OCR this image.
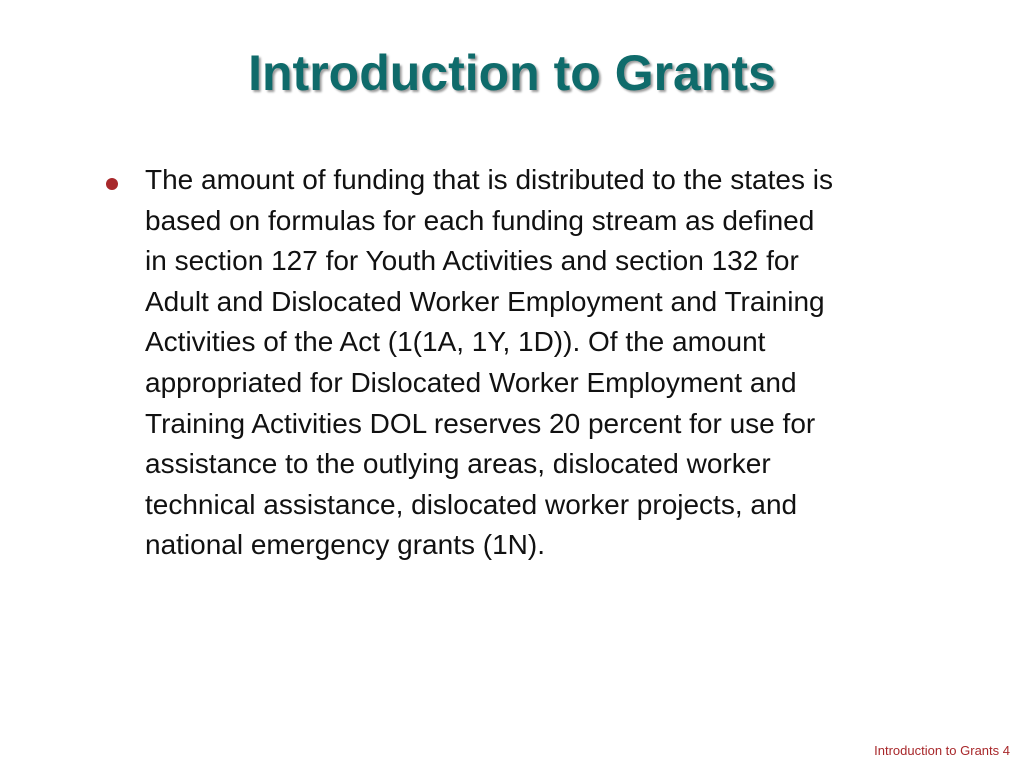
Introduction to Grants
The amount of funding that is distributed to the states is
based on formulas for each funding stream as defined
in section 127 for Youth Activities and section 132 for
Adult and Dislocated Worker Employment and Training
Activities of the Act (1(1A, 1Y, 1D)). Of the amount
appropriated for Dislocated Worker Employment and
Training Activities DOL reserves 20 percent for use for
assistance to the outlying areas, dislocated worker
technical assistance, dislocated worker projects, and
national emergency grants (1N).
Introduction to Grants 4
